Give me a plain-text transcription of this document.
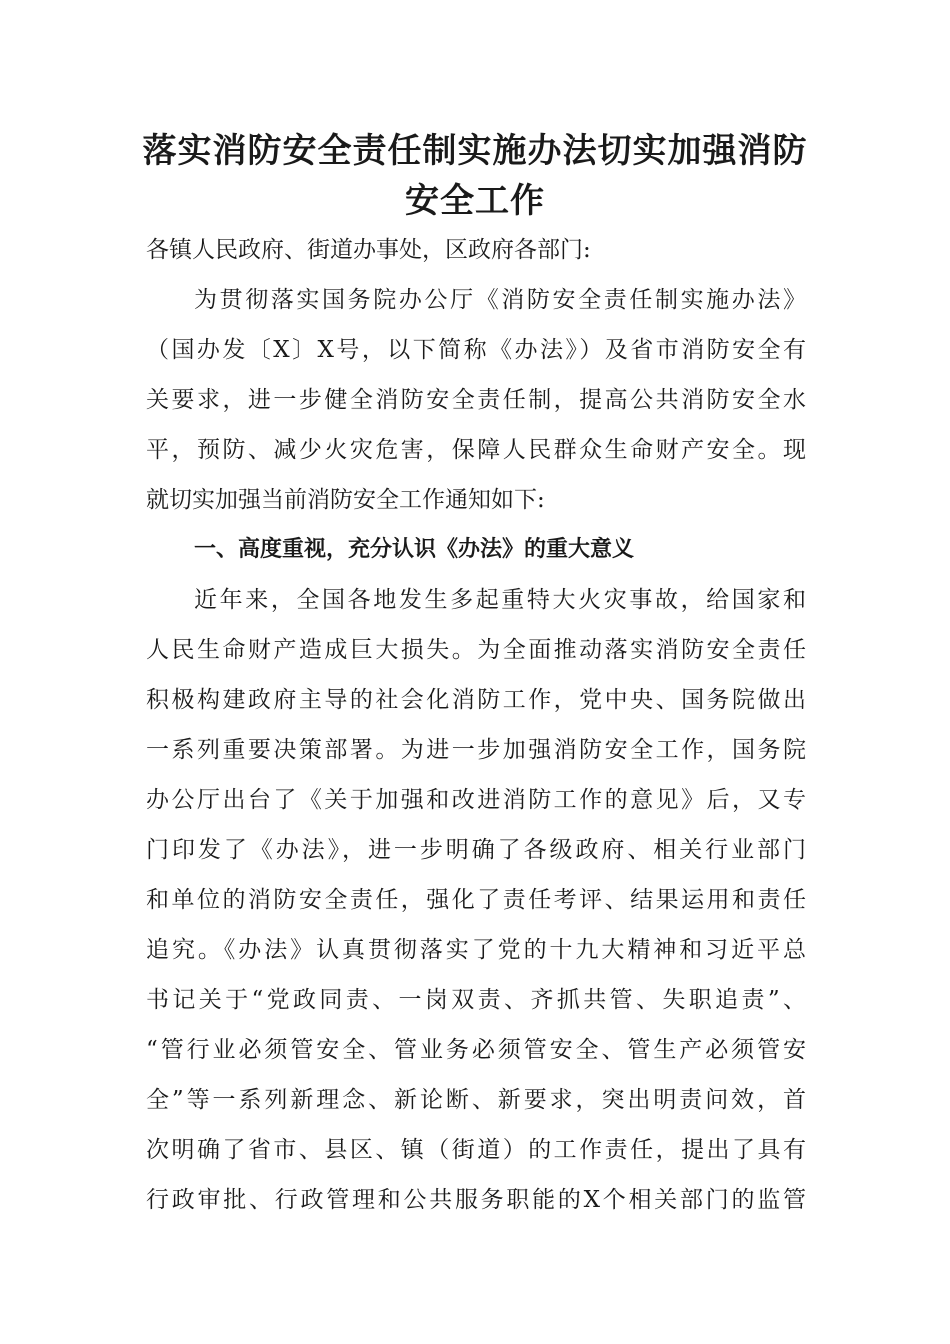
落实消防安全责任制实施办法切实加强消防
安全工作

各镇人民政府、街道办事处，区政府各部门:

为贯彻落实国务院办公厅《消防安全责任制实施办法》

（国办发〔X〕X号，以下简称《办法》）及省市消防安全有

关要求，进一步健全消防安全责任制，提高公共消防安全水

平，预防、减少火灾危害，保障人民群众生命财产安全。现

就切实加强当前消防安全工作通知如下:

一、高度重视，充分认识《办法》的重大意义

近年来，全国各地发生多起重特大火灾事故，给国家和

人民生命财产造成巨大损失。为全面推动落实消防安全责任

积极构建政府主导的社会化消防工作，党中央、国务院做出

一系列重要决策部署。为进一步加强消防安全工作，国务院

办公厅出台了《关于加强和改进消防工作的意见》后，又专

门印发了《办法》，进一步明确了各级政府、相关行业部门

和单位的消防安全责任，强化了责任考评、结果运用和责任

追究。《办法》认真贯彻落实了党的十九大精神和习近平总

书记关于“党政同责、一岗双责、齐抓共管、失职追责”、

“管行业必须管安全、管业务必须管安全、管生产必须管安

全”等一系列新理念、新论断、新要求，突出明责问效，首

次明确了省市、县区、镇（街道）的工作责任，提出了具有

行政审批、行政管理和公共服务职能的X个相关部门的监管
